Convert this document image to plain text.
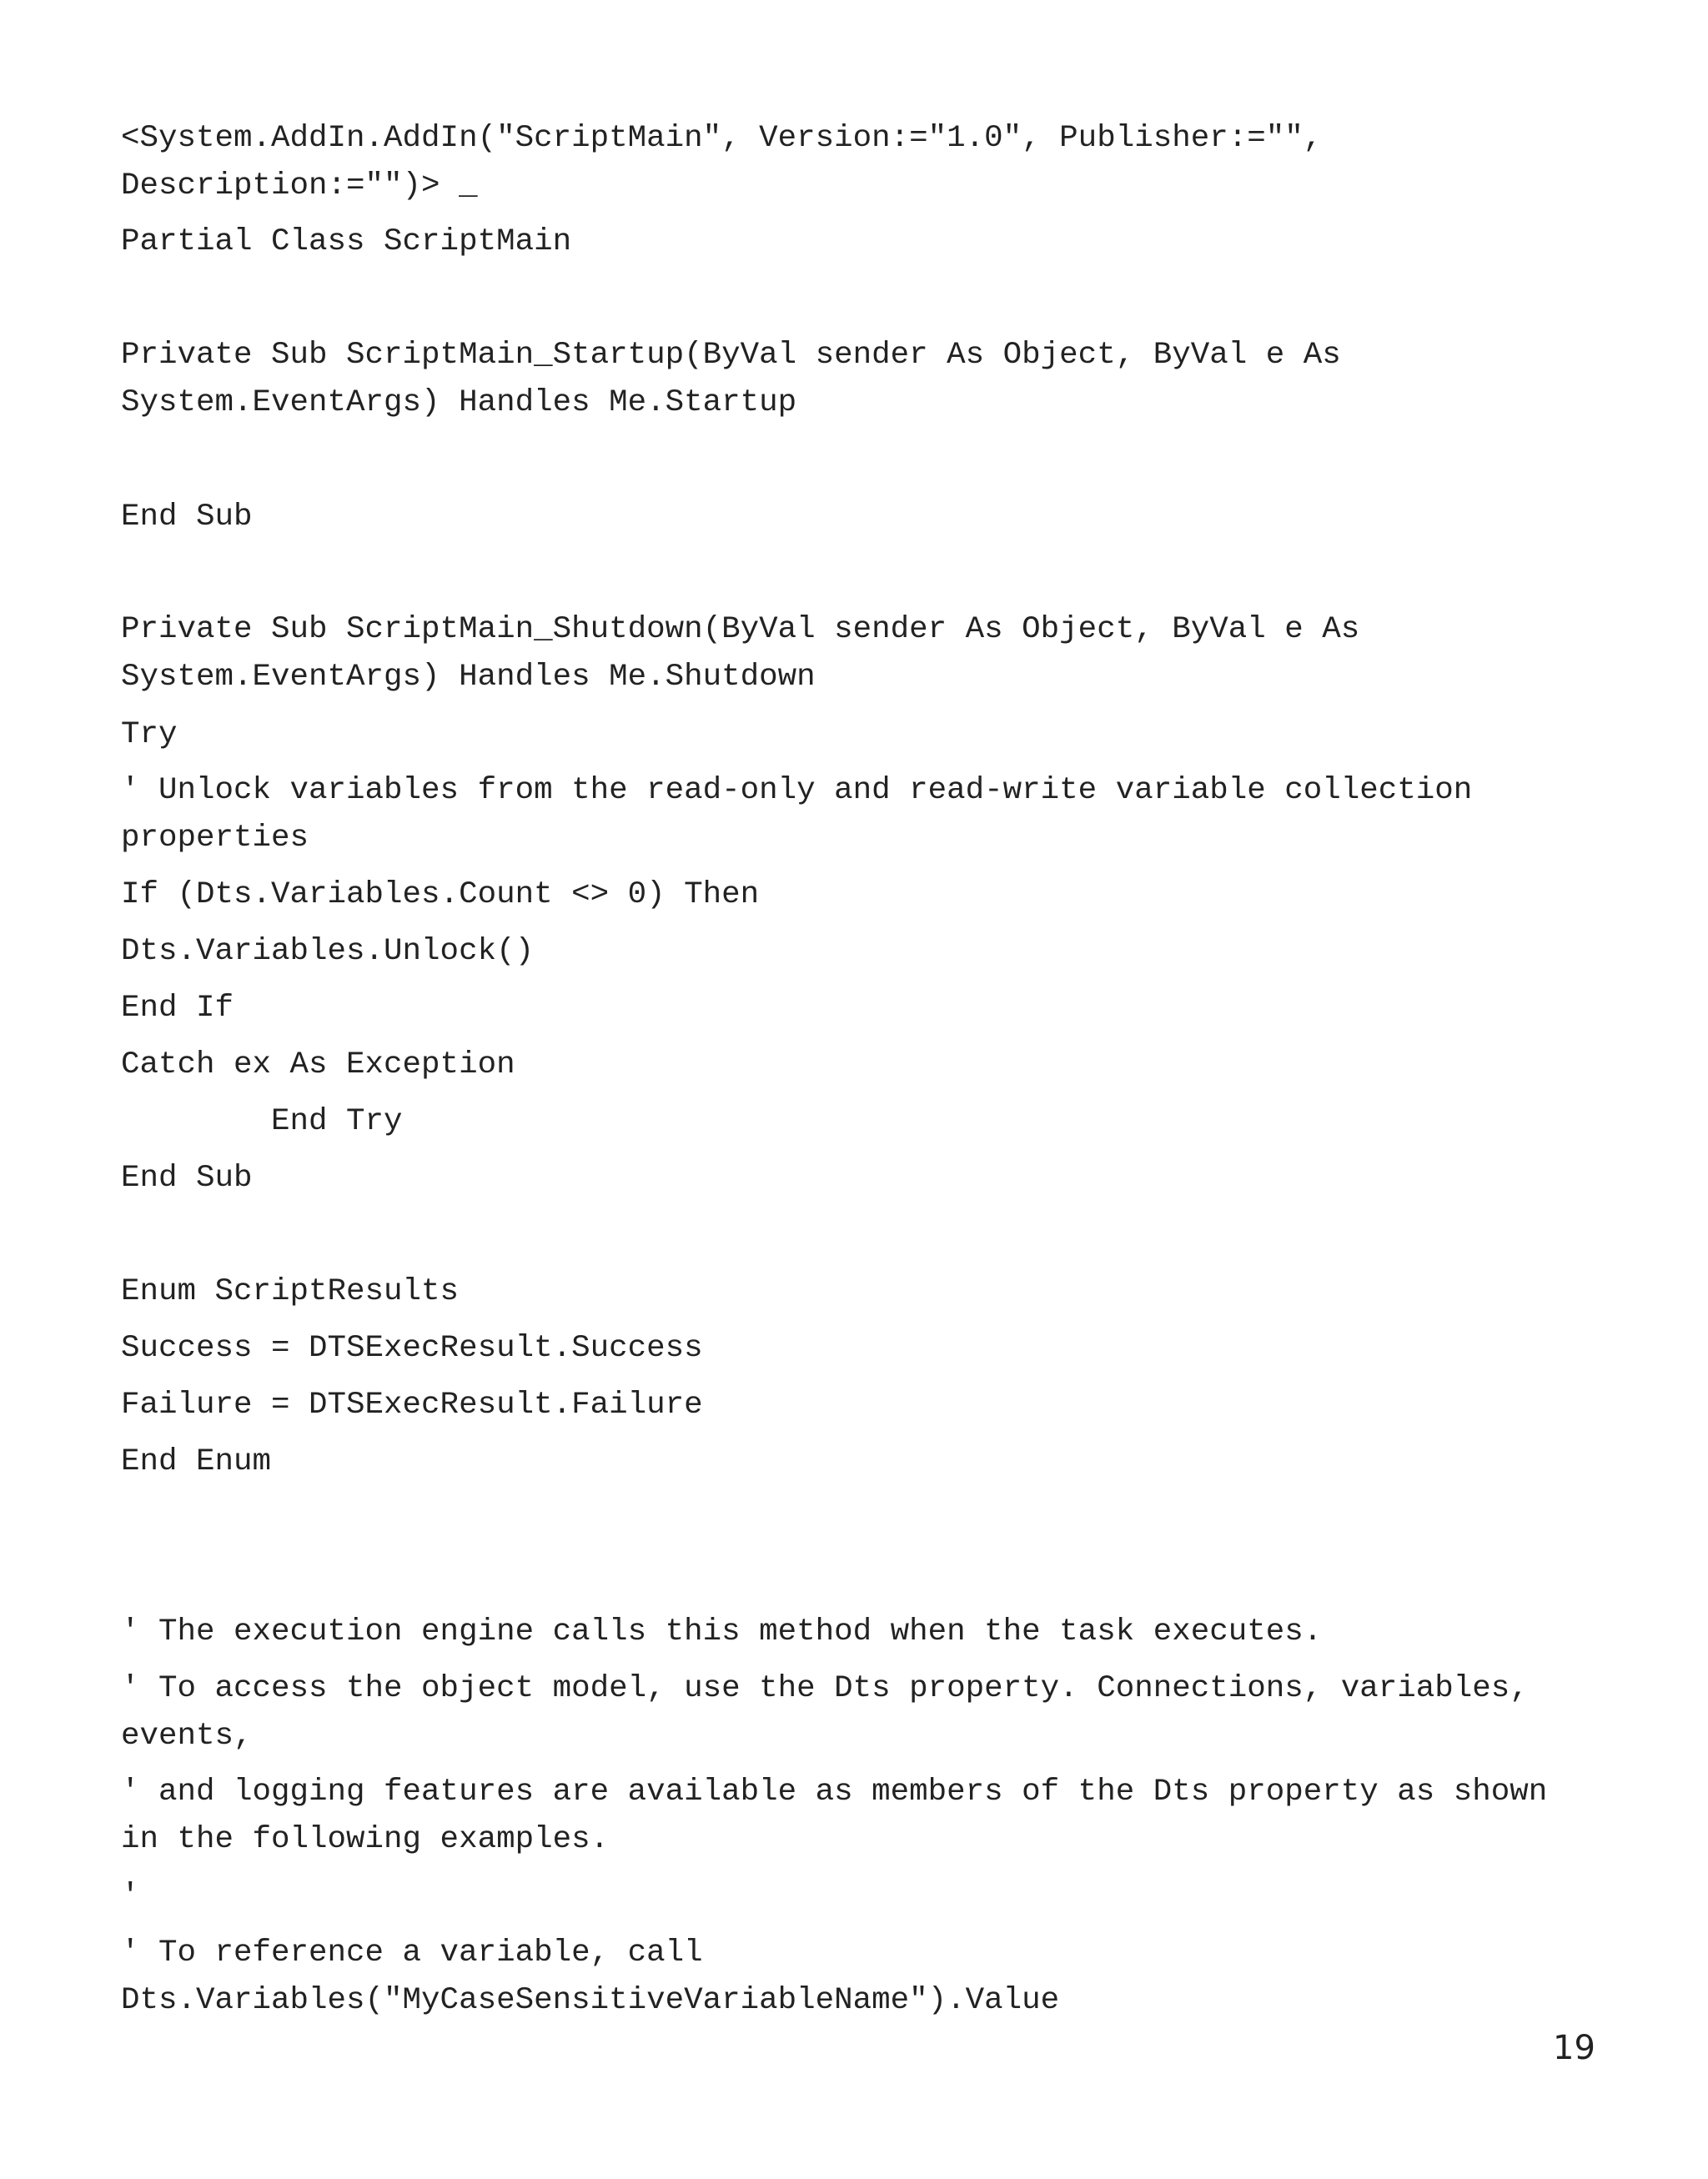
<System.AddIn.AddIn("ScriptMain", Version:="1.0", Publisher:="",
Description:="")> _
Partial Class ScriptMain
Private Sub ScriptMain_Startup(ByVal sender As Object, ByVal e As
System.EventArgs) Handles Me.Startup
End Sub
Private Sub ScriptMain_Shutdown(ByVal sender As Object, ByVal e As
System.EventArgs) Handles Me.Shutdown
Try
' Unlock variables from the read-only and read-write variable collection
properties
If (Dts.Variables.Count <> 0) Then
Dts.Variables.Unlock()
End If
Catch ex As Exception
End Try
End Sub
Enum ScriptResults
Success = DTSExecResult.Success
Failure = DTSExecResult.Failure
End Enum
' The execution engine calls this method when the task executes.
' To access the object model, use the Dts property. Connections, variables,
events,
' and logging features are available as members of the Dts property as shown
in the following examples.
'
' To reference a variable, call
Dts.Variables("MyCaseSensitiveVariableName").Value
19
